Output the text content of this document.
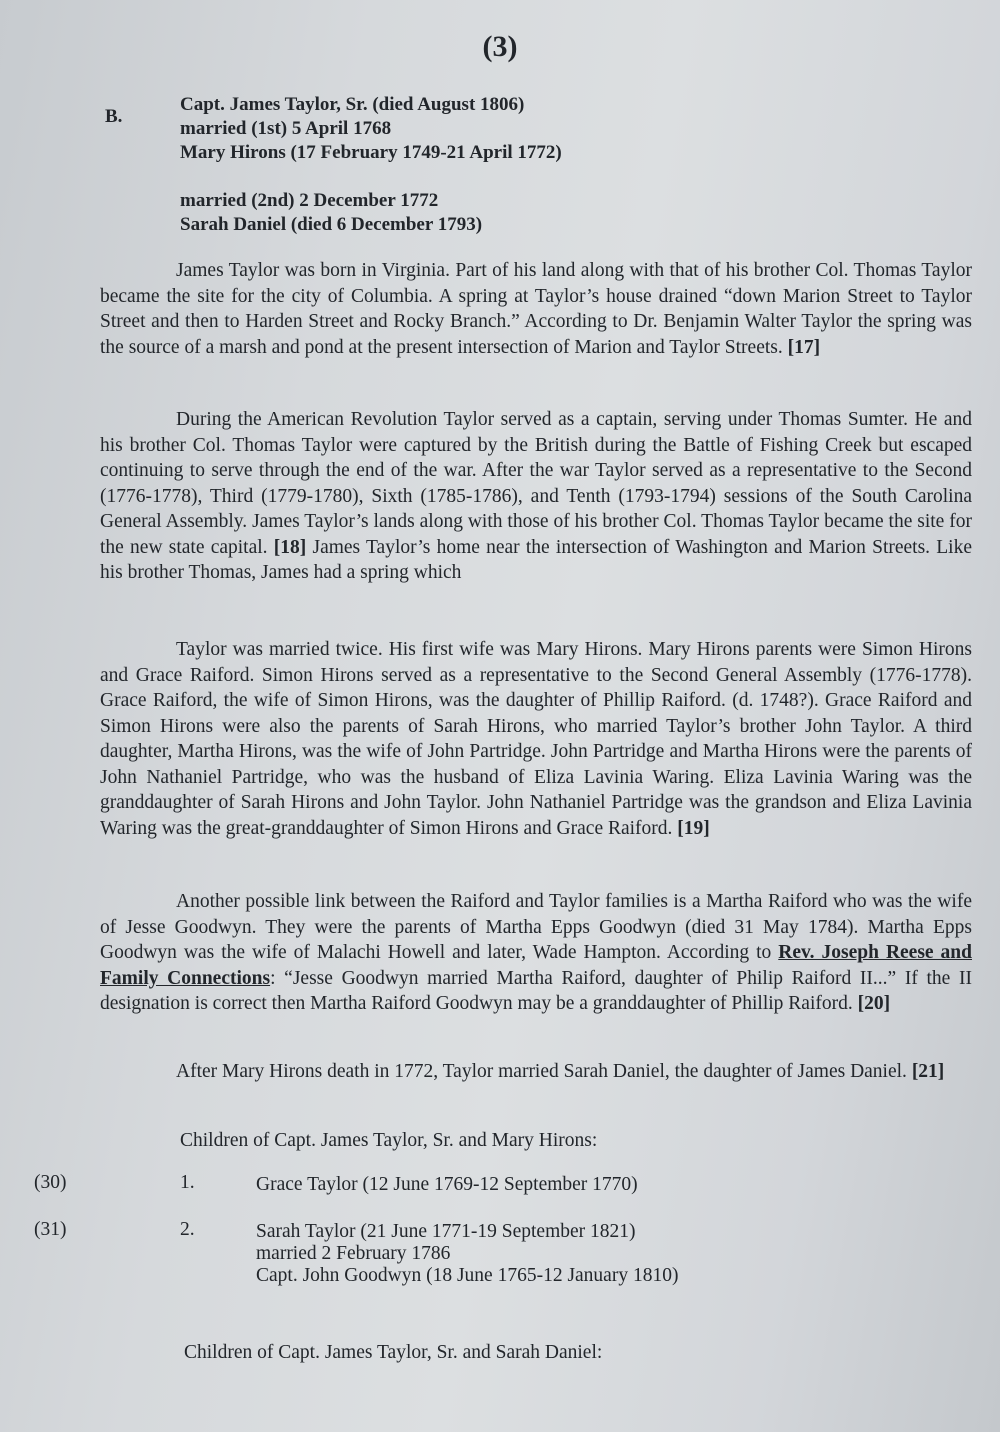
(3)
B.
Capt. James Taylor, Sr. (died August 1806)
married (1st) 5 April 1768
Mary Hirons (17 February 1749-21 April 1772)
married (2nd) 2 December 1772
Sarah Daniel (died 6 December 1793)

James Taylor was born in Virginia. Part of his land along with that of his brother Col. Thomas Taylor became the site for the city of Columbia. A spring at Taylor’s house drained “down Marion Street to Taylor Street and then to Harden Street and Rocky Branch.” According to Dr. Benjamin Walter Taylor the spring was the source of a marsh and pond at the present intersection of Marion and Taylor Streets. [17]

During the American Revolution Taylor served as a captain, serving under Thomas Sumter. He and his brother Col. Thomas Taylor were captured by the British during the Battle of Fishing Creek but escaped continuing to serve through the end of the war. After the war Taylor served as a representative to the Second (1776-1778), Third (1779-1780), Sixth (1785-1786), and Tenth (1793-1794) sessions of the South Carolina General Assembly. James Taylor’s lands along with those of his brother Col. Thomas Taylor became the site for the new state capital. [18] James Taylor’s home near the intersection of Washington and Marion Streets. Like his brother Thomas, James had a spring which

Taylor was married twice. His first wife was Mary Hirons. Mary Hirons parents were Simon Hirons and Grace Raiford. Simon Hirons served as a representative to the Second General Assembly (1776-1778). Grace Raiford, the wife of Simon Hirons, was the daughter of Phillip Raiford. (d. 1748?). Grace Raiford and Simon Hirons were also the parents of Sarah Hirons, who married Taylor’s brother John Taylor. A third daughter, Martha Hirons, was the wife of John Partridge. John Partridge and Martha Hirons were the parents of John Nathaniel Partridge, who was the husband of Eliza Lavinia Waring. Eliza Lavinia Waring was the granddaughter of Sarah Hirons and John Taylor. John Nathaniel Partridge was the grandson and Eliza Lavinia Waring was the great-granddaughter of Simon Hirons and Grace Raiford. [19]

Another possible link between the Raiford and Taylor families is a Martha Raiford who was the wife of Jesse Goodwyn. They were the parents of Martha Epps Goodwyn (died 31 May 1784). Martha Epps Goodwyn was the wife of Malachi Howell and later, Wade Hampton. According to Rev. Joseph Reese and Family Connections: “Jesse Goodwyn married Martha Raiford, daughter of Philip Raiford II...” If the II designation is correct then Martha Raiford Goodwyn may be a granddaughter of Phillip Raiford. [20]

After Mary Hirons death in 1772, Taylor married Sarah Daniel, the daughter of James Daniel. [21]

Children of Capt. James Taylor, Sr. and Mary Hirons:
(30)	1.	Grace Taylor (12 June 1769-12 September 1770)
(31)	2.	Sarah Taylor (21 June 1771-19 September 1821)
married 2 February 1786
Capt. John Goodwyn (18 June 1765-12 January 1810)
Children of Capt. James Taylor, Sr. and Sarah Daniel:
